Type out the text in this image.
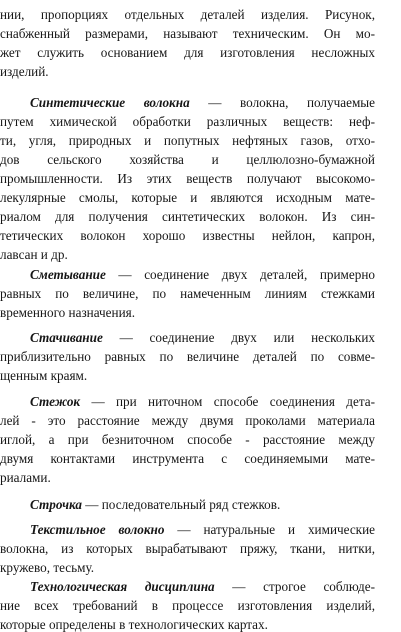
нии, пропорциях отдельных деталей изделия. Рисунок,
снабженный размерами, называют техническим. Он мо-
жет служить основанием для изготовления несложных
изделий.
Синтетические волокна — волокна, получаемые
путем химической обработки различных веществ: неф-
ти, угля, природных и попутных нефтяных газов, отхо-
дов сельского хозяйства и целлюлозно-бумажной
промышленности. Из этих веществ получают высокомо-
лекулярные смолы, которые и являются исходным мате-
риалом для получения синтетических волокон. Из син-
тетических волокон хорошо известны нейлон, капрон,
лавсан и др.
Сметывание — соединение двух деталей, примерно
равных по величине, по намеченным линиям стежками
временного назначения.
Стачивание — соединение двух или нескольких
приблизительно равных по величине деталей по совме-
щенным краям.
Стежок — при ниточном способе соединения дета-
лей - это расстояние между двумя проколами материала
иглой, а при безниточном способе - расстояние между
двумя контактами инструмента с соединяемыми мате-
риалами.
Строчка — последовательный ряд стежков.
Текстильное волокно — натуральные и химические
волокна, из которых вырабатывают пряжу, ткани, нитки,
кружево, тесьму.
Технологическая дисциплина — строгое соблюде-
ние всех требований в процессе изготовления изделий,
которые определены в технологических картах.
